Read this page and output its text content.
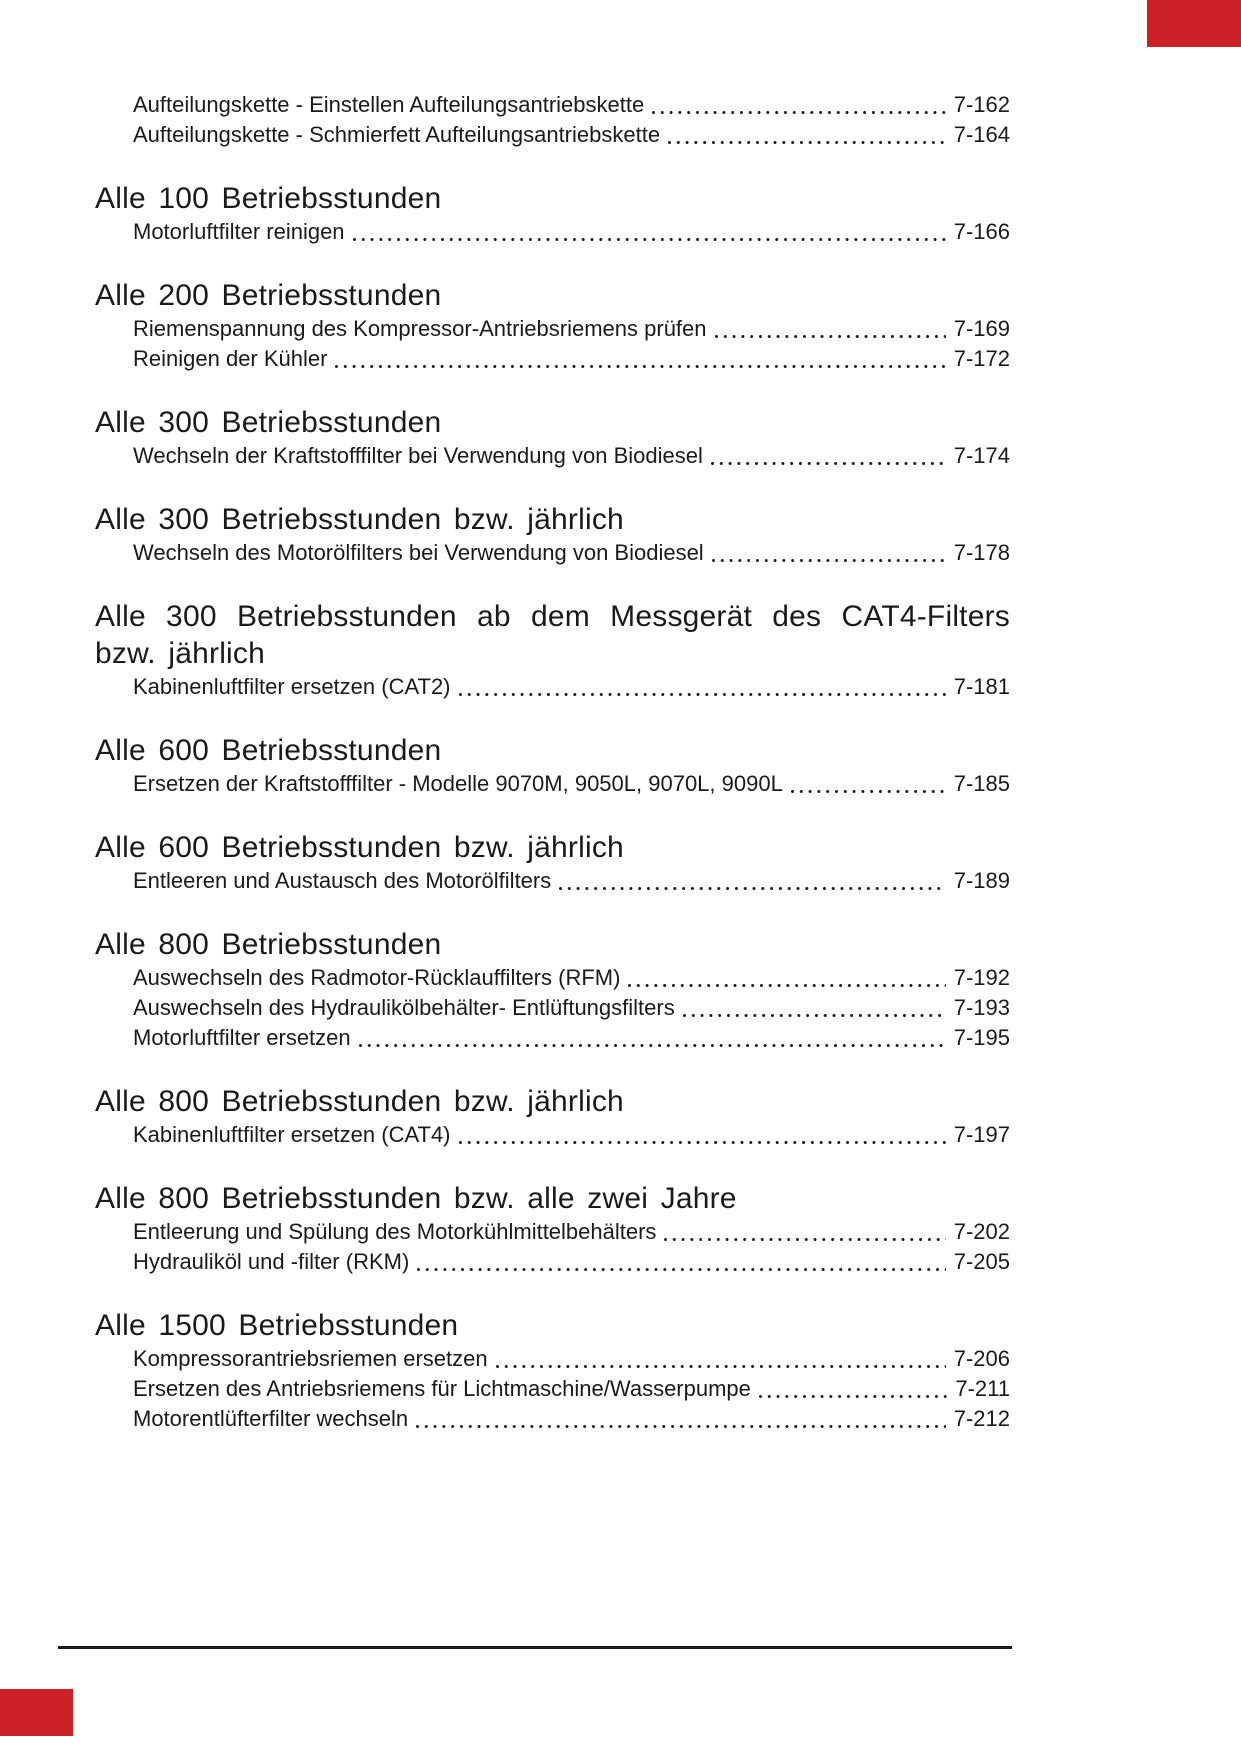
Aufteilungskette - Einstellen Aufteilungsantriebskette	7-162
Aufteilungskette - Schmierfett Aufteilungsantriebskette	7-164
Alle 100 Betriebsstunden
Motorluftfilter reinigen	7-166
Alle 200 Betriebsstunden
Riemenspannung des Kompressor-Antriebsriemens prüfen	7-169
Reinigen der Kühler	7-172
Alle 300 Betriebsstunden
Wechseln der Kraftstofffilter bei Verwendung von Biodiesel	7-174
Alle 300 Betriebsstunden bzw. jährlich
Wechseln des Motorölfilters bei Verwendung von Biodiesel	7-178
Alle 300 Betriebsstunden ab dem Messgerät des CAT4-Filters bzw. jährlich
Kabinenluftfilter ersetzen (CAT2)	7-181
Alle 600 Betriebsstunden
Ersetzen der Kraftstofffilter - Modelle 9070M, 9050L, 9070L, 9090L	7-185
Alle 600 Betriebsstunden bzw. jährlich
Entleeren und Austausch des Motorölfilters	7-189
Alle 800 Betriebsstunden
Auswechseln des Radmotor-Rücklauffilters (RFM)	7-192
Auswechseln des Hydraulikölbehälter- Entlüftungsfilters	7-193
Motorluftfilter ersetzen	7-195
Alle 800 Betriebsstunden bzw. jährlich
Kabinenluftfilter ersetzen (CAT4)	7-197
Alle 800 Betriebsstunden bzw. alle zwei Jahre
Entleerung und Spülung des Motorkühlmittelbehälters	7-202
Hydrauliköl und -filter (RKM)	7-205
Alle 1500 Betriebsstunden
Kompressorantriebsriemen ersetzen	7-206
Ersetzen des Antriebsriemens für Lichtmaschine/Wasserpumpe	7-211
Motorentlüfterfilter wechseln	7-212
